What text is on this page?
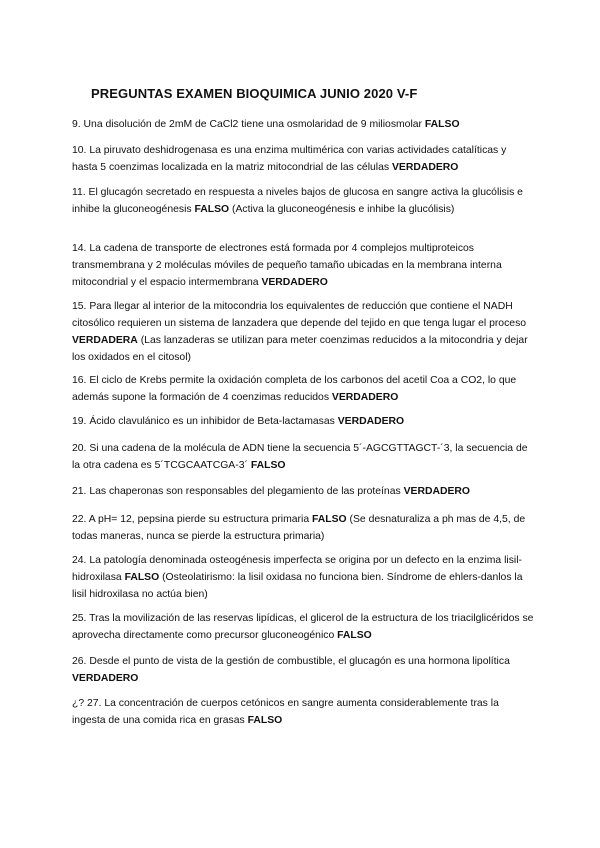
PREGUNTAS EXAMEN BIOQUIMICA JUNIO 2020 V-F
9. Una disolución de 2mM de CaCl2 tiene una osmolaridad de 9 miliosmolar FALSO
10. La piruvato deshidrogenasa es una enzima multimérica con varias actividades catalíticas y hasta 5 coenzimas localizada en la matriz mitocondrial de las células VERDADERO
11. El glucagón secretado en respuesta a niveles bajos de glucosa en sangre activa la glucólisis e inhibe la gluconeogénesis FALSO (Activa la gluconeogénesis e inhibe la glucólisis)
14. La cadena de transporte de electrones está formada por 4 complejos multiproteicos transmembrana y 2 moléculas móviles de pequeño tamaño ubicadas en la membrana interna mitocondrial y el espacio intermembrana VERDADERO
15. Para llegar al interior de la mitocondria los equivalentes de reducción que contiene el NADH citosólico requieren un sistema de lanzadera que depende del tejido en que tenga lugar el proceso VERDADERA (Las lanzaderas se utilizan para meter coenzimas reducidos a la mitocondria y dejar los oxidados en el citosol)
16. El ciclo de Krebs permite la oxidación completa de los carbonos del acetil Coa a CO2, lo que además supone la formación de 4 coenzimas reducidos VERDADERO
19. Ácido clavulánico es un inhibidor de Beta-lactamasas VERDADERO
20. Si una cadena de la molécula de ADN tiene la secuencia 5´-AGCGTTAGCT-´3, la secuencia de la otra cadena es 5´TCGCAATCGA-3´ FALSO
21. Las chaperonas son responsables del plegamiento de las proteínas VERDADERO
22. A pH= 12, pepsina pierde su estructura primaria FALSO (Se desnaturaliza a ph mas de 4,5, de todas maneras, nunca se pierde la estructura primaria)
24. La patología denominada osteogénesis imperfecta se origina por un defecto en la enzima lisil-hidroxilasa FALSO (Osteolatirismo: la lisil oxidasa no funciona bien. Síndrome de ehlers-danlos la lisil hidroxilasa no actúa bien)
25. Tras la movilización de las reservas lipídicas, el glicerol de la estructura de los triacilglicéridos se aprovecha directamente como precursor gluconeogénico FALSO
26. Desde el punto de vista de la gestión de combustible, el glucagón es una hormona lipolítica VERDADERO
¿? 27. La concentración de cuerpos cetónicos en sangre aumenta considerablemente tras la ingesta de una comida rica en grasas FALSO
